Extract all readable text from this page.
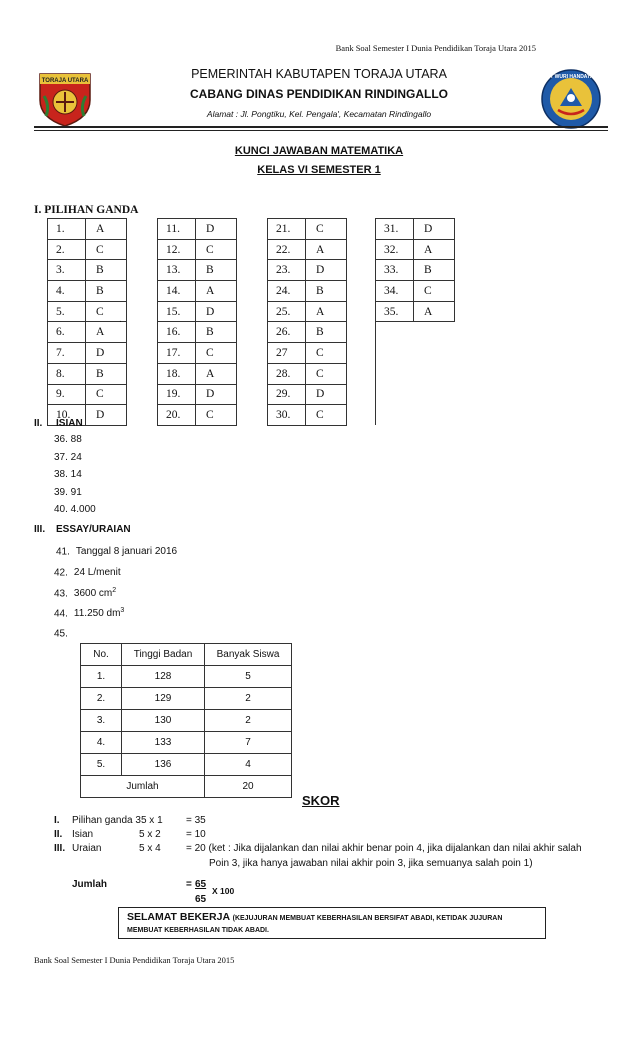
Bank Soal Semester I Dunia Pendidikan Toraja Utara 2015
TORAJA UTARA
TUT WURI HANDAYANI
PEMERINTAH KABUTAPEN TORAJA UTARA
CABANG DINAS PENDIDIKAN RINDINGALLO
Alamat : Jl. Pongtiku, Kel. Pengala', Kecamatan Rindingallo
KUNCI JAWABAN MATEMATIKA
KELAS VI SEMESTER 1
I. PILIHAN GANDA
1.	A		11.	D		21.	C		31.	D
2.	C		12.	C		22.	A		32.	A
3.	B		13.	B		23.	D		33.	B
4.	B		14.	A		24.	B		34.	C
5.	C		15.	D		25.	A		35.	A
6.	A		16.	B		26.	B			
7.	D		17.	C		27	C			
8.	B		18.	A		28.	C			
9.	C		19.	D		29.	D			
10.	D		20.	C		30.	C			
.
II. ISIAN
36. 88
37. 24
38. 14
39. 91
40. 4.000
III. ESSAY/URAIAN
41. Tanggal 8 januari 2016
42. 24 L/menit
43. 3600 $cm^2$
44. 11.250 $dm^3$
45.
No.	Tinggi Badan	Banyak Siswa
1.	128	5
2.	129	2
3.	130	2
4.	133	7
5.	136	4
Jumlah		20
SKOR
I. Pilihan ganda 35 x 1 = 35
II. Isian	5 x 2	= 10
III. Uraian	5 x 4	= 20 (ket : Jika dijalankan dan nilai akhir benar poin 4, jika dijalankan dan nilai akhir salah
Poin 3, jika hanya jawaban nilai akhir poin 3, jika semuanya salah poin 1)
Jumlah	= 65
65
X 100
SELAMAT BEKERJA (KEJUJURAN MEMBUAT KEBERHASILAN BERSIFAT ABADI, KETIDAK JUJURAN
MEMBUAT KEBERHASILAN TIDAK ABADI.
Bank Soal Semester I Dunia Pendidikan Toraja Utara 2015
